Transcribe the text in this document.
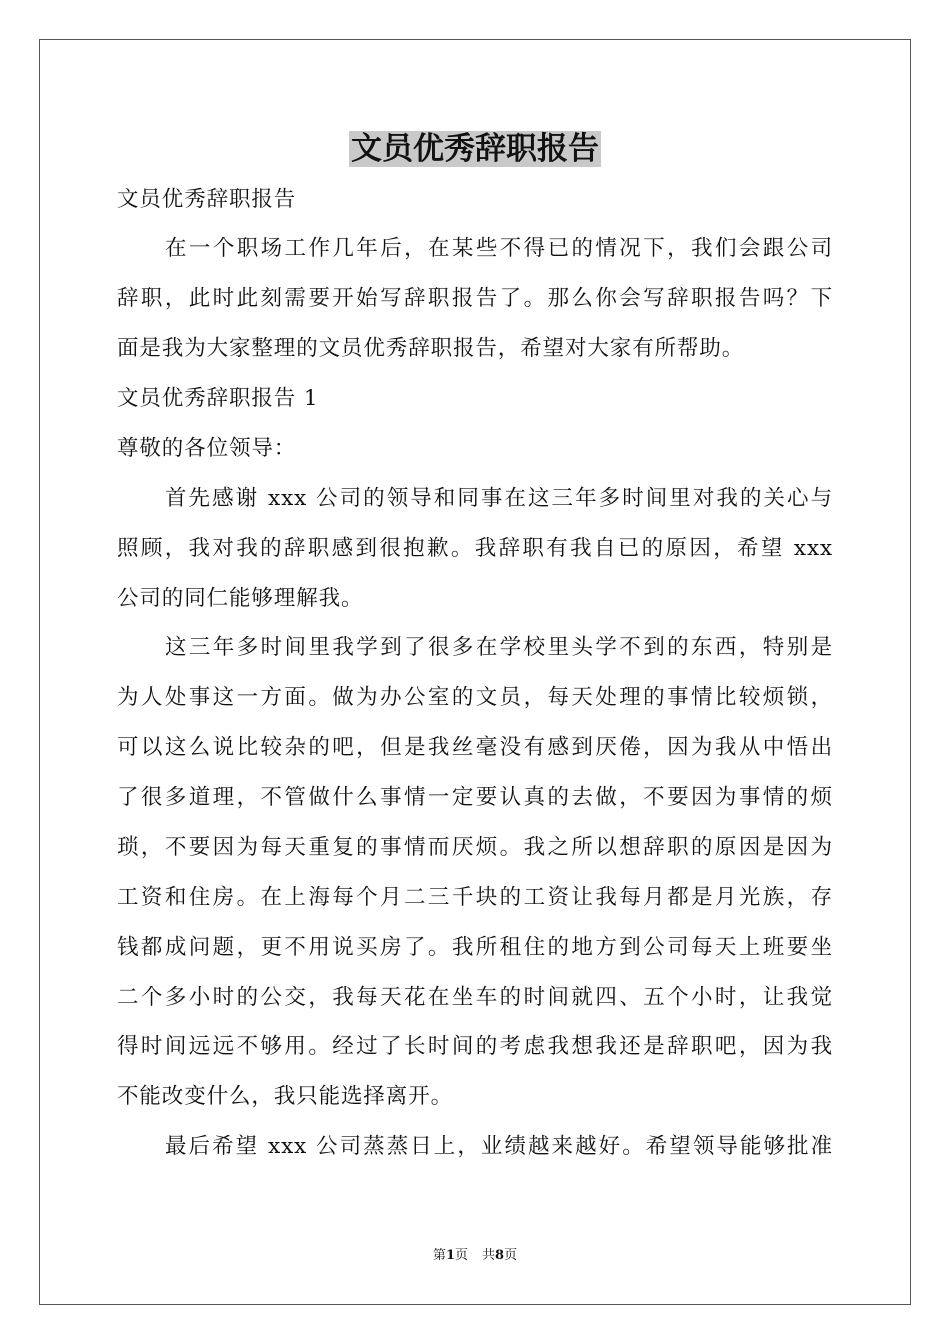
文员优秀辞职报告

文员优秀辞职报告

在一个职场工作几年后，在某些不得已的情况下，我们会跟公司

辞职，此时此刻需要开始写辞职报告了。那么你会写辞职报告吗？下

面是我为大家整理的文员优秀辞职报告，希望对大家有所帮助。

文员优秀辞职报告 1

尊敬的各位领导：

首先感谢 xxx 公司的领导和同事在这三年多时间里对我的关心与

照顾，我对我的辞职感到很抱歉。我辞职有我自已的原因，希望 xxx

公司的同仁能够理解我。

这三年多时间里我学到了很多在学校里头学不到的东西，特别是

为人处事这一方面。做为办公室的文员，每天处理的事情比较烦锁，

可以这么说比较杂的吧，但是我丝毫没有感到厌倦，因为我从中悟出

了很多道理，不管做什么事情一定要认真的去做，不要因为事情的烦

琐，不要因为每天重复的事情而厌烦。我之所以想辞职的原因是因为

工资和住房。在上海每个月二三千块的工资让我每月都是月光族，存

钱都成问题，更不用说买房了。我所租住的地方到公司每天上班要坐

二个多小时的公交，我每天花在坐车的时间就四、五个小时，让我觉

得时间远远不够用。经过了长时间的考虑我想我还是辞职吧，因为我

不能改变什么，我只能选择离开。

最后希望 xxx 公司蒸蒸日上，业绩越来越好。希望领导能够批准

第1页 共8页
